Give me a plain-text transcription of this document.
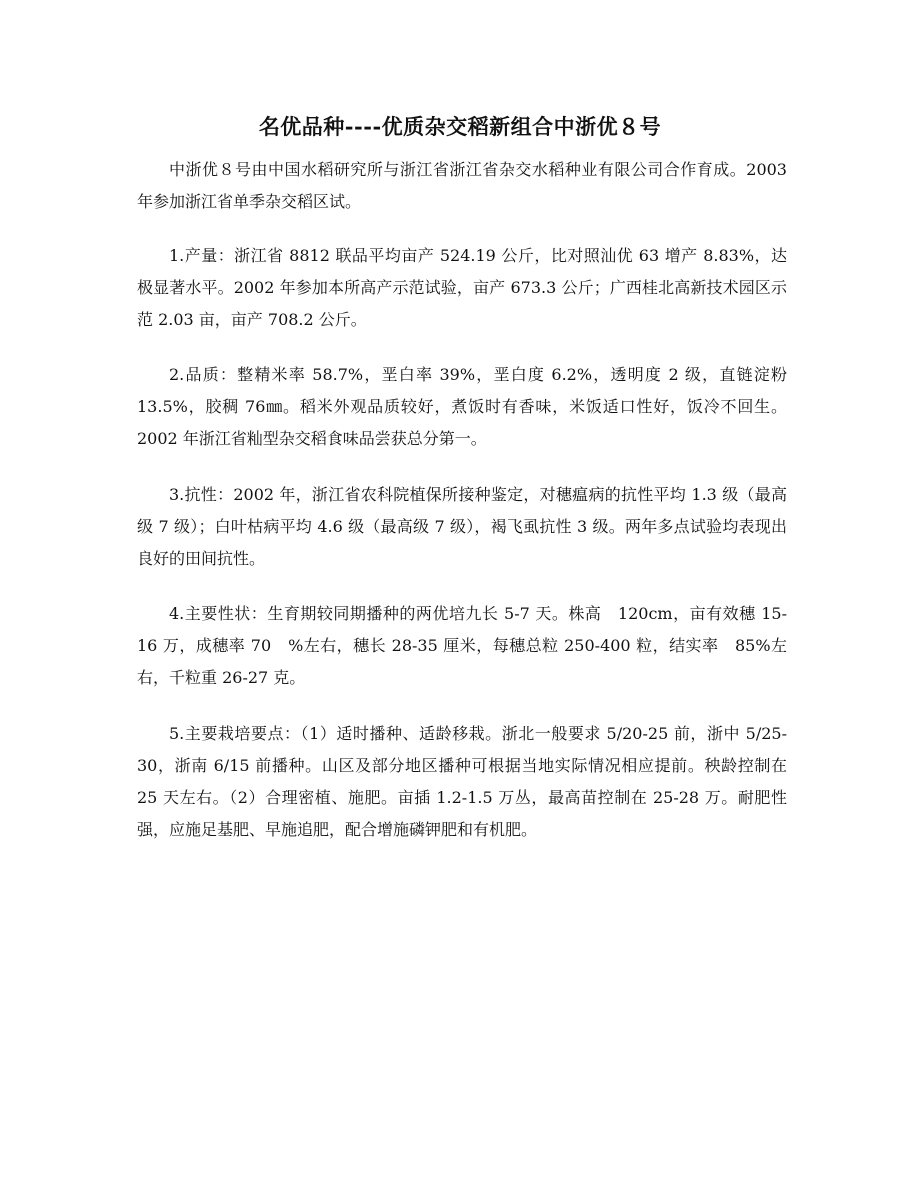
名优品种----优质杂交稻新组合中浙优８号

中浙优８号由中国水稻研究所与浙江省浙江省杂交水稻种业有限公司合作育成。2003 年参加浙江省单季杂交稻区试。

1.产量：浙江省 8812 联品平均亩产 524.19 公斤，比对照汕优 63 增产 8.83%，达极显著水平。2002 年参加本所高产示范试验，亩产 673.3 公斤；广西桂北高新技术园区示范 2.03 亩，亩产 708.2 公斤。

2.品质：整精米率 58.7%，垩白率 39%，垩白度 6.2%，透明度 2 级，直链淀粉 13.5%，胶稠 76㎜。稻米外观品质较好，煮饭时有香味，米饭适口性好，饭冷不回生。2002 年浙江省籼型杂交稻食味品尝获总分第一。

3.抗性：2002 年，浙江省农科院植保所接种鉴定，对穗瘟病的抗性平均 1.3 级（最高级 7 级）；白叶枯病平均 4.6 级（最高级 7 级），褐飞虱抗性 3 级。两年多点试验均表现出良好的田间抗性。

4.主要性状：生育期较同期播种的两优培九长 5-7 天。株高　120cm，亩有效穗 15-16 万，成穗率 70　%左右，穗长 28-35 厘米，每穗总粒 250-400 粒，结实率　85%左右，千粒重 26-27 克。

5.主要栽培要点：（1）适时播种、适龄移栽。浙北一般要求 5/20-25 前，浙中 5/25-30，浙南 6/15 前播种。山区及部分地区播种可根据当地实际情况相应提前。秧龄控制在 25 天左右。（2）合理密植、施肥。亩插 1.2-1.5 万丛，最高苗控制在 25-28 万。耐肥性强，应施足基肥、早施追肥，配合增施磷钾肥和有机肥。
